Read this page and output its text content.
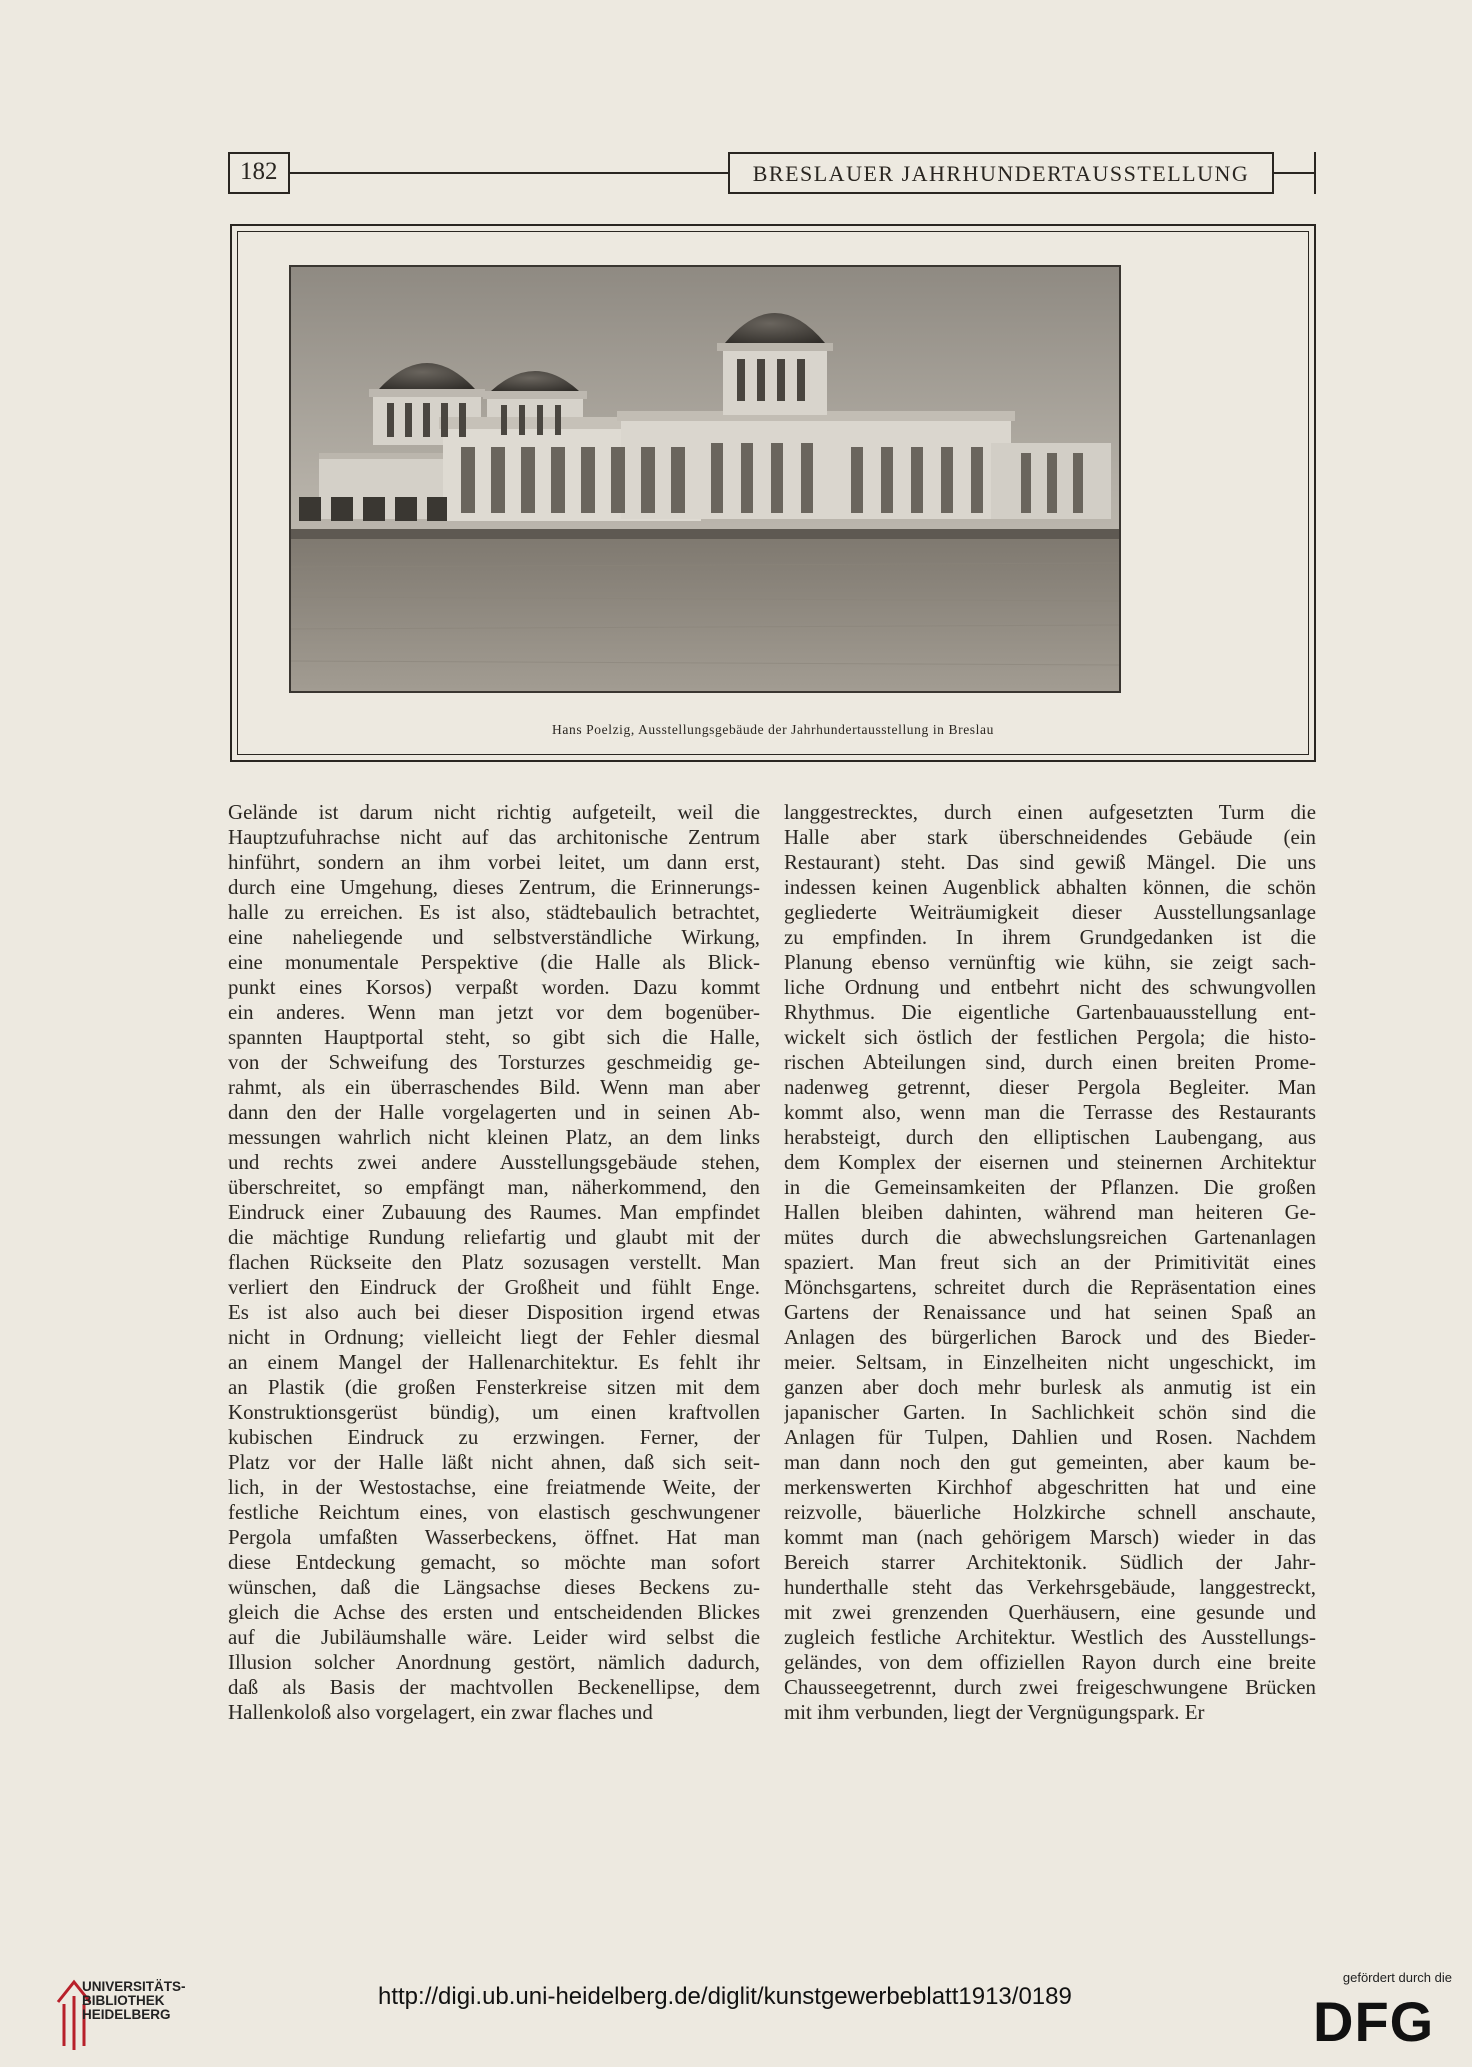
182	BRESLAUER JAHRHUNDERTAUSSTELLUNG
Hans Poelzig, Ausstellungsgebäude der Jahrhundertausstellung in Breslau
Gelände ist darum nicht richtig aufgeteilt, weil die
Hauptzufuhrachse nicht auf das architonische Zentrum
hinführt, sondern an ihm vorbei leitet, um dann erst,
durch eine Umgehung, dieses Zentrum, die Erinnerungs-
halle zu erreichen. Es ist also, städtebaulich betrachtet,
eine naheliegende und selbstverständliche Wirkung,
eine monumentale Perspektive (die Halle als Blick-
punkt eines Korsos) verpaßt worden. Dazu kommt
ein anderes. Wenn man jetzt vor dem bogenüber-
spannten Hauptportal steht, so gibt sich die Halle,
von der Schweifung des Torsturzes geschmeidig ge-
rahmt, als ein überraschendes Bild. Wenn man aber
dann den der Halle vorgelagerten und in seinen Ab-
messungen wahrlich nicht kleinen Platz, an dem links
und rechts zwei andere Ausstellungsgebäude stehen,
überschreitet, so empfängt man, näherkommend, den
Eindruck einer Zubauung des Raumes. Man empfindet
die mächtige Rundung reliefartig und glaubt mit der
flachen Rückseite den Platz sozusagen verstellt. Man
verliert den Eindruck der Großheit und fühlt Enge.
Es ist also auch bei dieser Disposition irgend etwas
nicht in Ordnung; vielleicht liegt der Fehler diesmal
an einem Mangel der Hallenarchitektur. Es fehlt ihr
an Plastik (die großen Fensterkreise sitzen mit dem
Konstruktionsgerüst bündig), um einen kraftvollen
kubischen Eindruck zu erzwingen. Ferner, der
Platz vor der Halle läßt nicht ahnen, daß sich seit-
lich, in der Westostachse, eine freiatmende Weite, der
festliche Reichtum eines, von elastisch geschwungener
Pergola umfaßten Wasserbeckens, öffnet. Hat man
diese Entdeckung gemacht, so möchte man sofort
wünschen, daß die Längsachse dieses Beckens zu-
gleich die Achse des ersten und entscheidenden Blickes
auf die Jubiläumshalle wäre. Leider wird selbst die
Illusion solcher Anordnung gestört, nämlich dadurch,
daß als Basis der machtvollen Beckenellipse, dem
Hallenkoloß also vorgelagert, ein zwar flaches und
langgestrecktes, durch einen aufgesetzten Turm die
Halle aber stark überschneidendes Gebäude (ein
Restaurant) steht. Das sind gewiß Mängel. Die uns
indessen keinen Augenblick abhalten können, die schön
gegliederte Weiträumigkeit dieser Ausstellungsanlage
zu empfinden. In ihrem Grundgedanken ist die
Planung ebenso vernünftig wie kühn, sie zeigt sach-
liche Ordnung und entbehrt nicht des schwungvollen
Rhythmus. Die eigentliche Gartenbauausstellung ent-
wickelt sich östlich der festlichen Pergola; die histo-
rischen Abteilungen sind, durch einen breiten Prome-
nadenweg getrennt, dieser Pergola Begleiter. Man
kommt also, wenn man die Terrasse des Restaurants
herabsteigt, durch den elliptischen Laubengang, aus
dem Komplex der eisernen und steinernen Architektur
in die Gemeinsamkeiten der Pflanzen. Die großen
Hallen bleiben dahinten, während man heiteren Ge-
mütes durch die abwechslungsreichen Gartenanlagen
spaziert. Man freut sich an der Primitivität eines
Mönchsgartens, schreitet durch die Repräsentation eines
Gartens der Renaissance und hat seinen Spaß an
Anlagen des bürgerlichen Barock und des Bieder-
meier. Seltsam, in Einzelheiten nicht ungeschickt, im
ganzen aber doch mehr burlesk als anmutig ist ein
japanischer Garten. In Sachlichkeit schön sind die
Anlagen für Tulpen, Dahlien und Rosen. Nachdem
man dann noch den gut gemeinten, aber kaum be-
merkenswerten Kirchhof abgeschritten hat und eine
reizvolle, bäuerliche Holzkirche schnell anschaute,
kommt man (nach gehörigem Marsch) wieder in das
Bereich starrer Architektonik. Südlich der Jahr-
hunderthalle steht das Verkehrsgebäude, langgestreckt,
mit zwei grenzenden Querhäusern, eine gesunde und
zugleich festliche Architektur. Westlich des Ausstellungs-
geländes, von dem offiziellen Rayon durch eine breite
Chausseegetrennt, durch zwei freigeschwungene Brücken
mit ihm verbunden, liegt der Vergnügungspark. Er
UNIVERSITÄTS-
BIBLIOTHEK
HEIDELBERG
http://digi.ub.uni-heidelberg.de/diglit/kunstgewerbeblatt1913/0189
gefördert durch die
DFG
